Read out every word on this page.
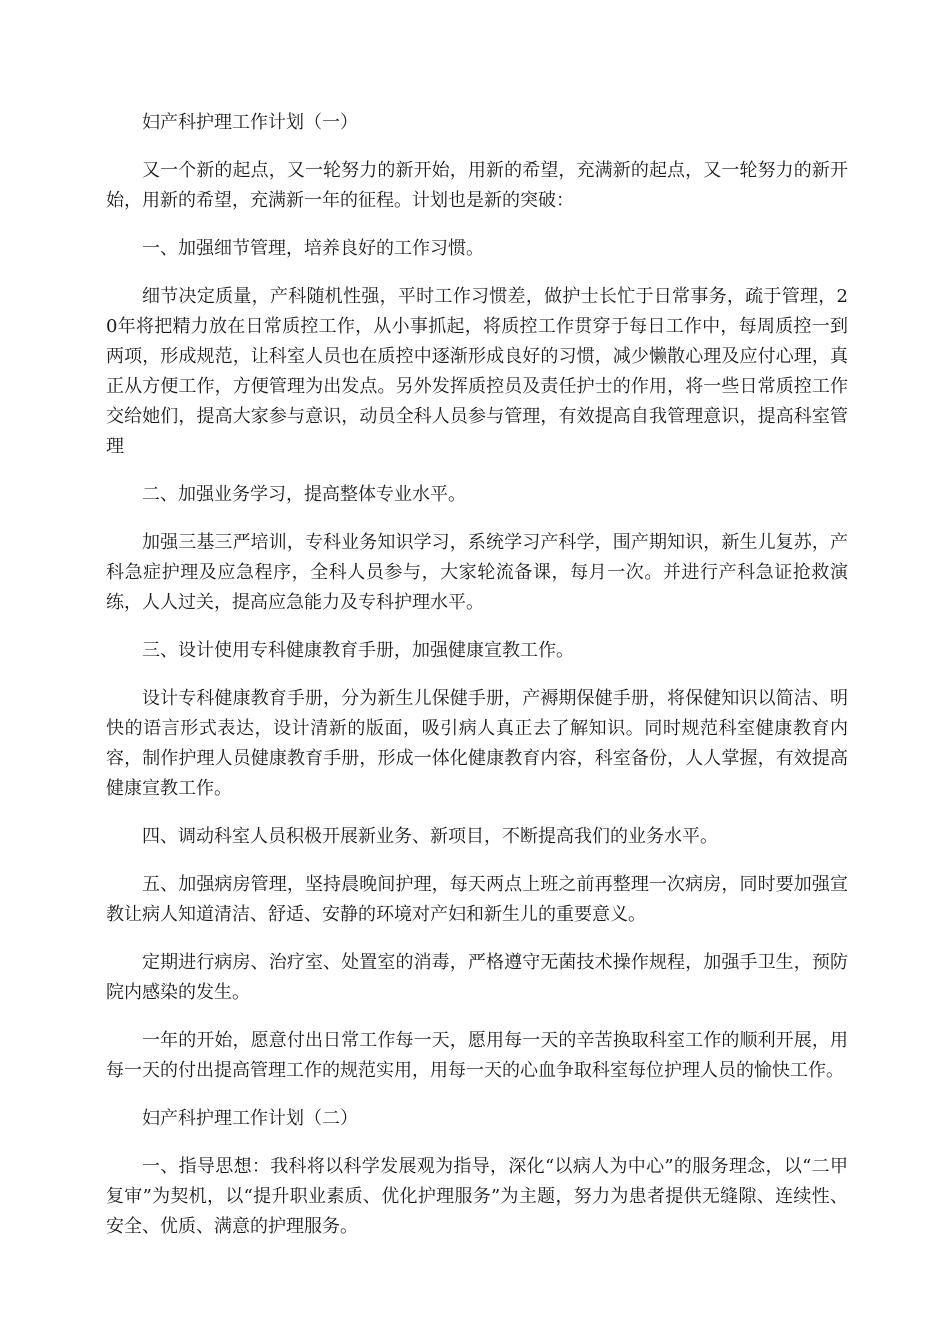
妇产科护理工作计划（一）

又一个新的起点，又一轮努力的新开始，用新的希望，充满新的起点，又一轮努力的新开始，用新的希望，充满新一年的征程。计划也是新的突破：

一、加强细节管理，培养良好的工作习惯。

细节决定质量，产科随机性强，平时工作习惯差，做护士长忙于日常事务，疏于管理，20年将把精力放在日常质控工作，从小事抓起，将质控工作贯穿于每日工作中，每周质控一到两项，形成规范，让科室人员也在质控中逐渐形成良好的习惯，减少懒散心理及应付心理，真正从方便工作，方便管理为出发点。另外发挥质控员及责任护士的作用，将一些日常质控工作交给她们，提高大家参与意识，动员全科人员参与管理，有效提高自我管理意识，提高科室管理

二、加强业务学习，提高整体专业水平。

加强三基三严培训，专科业务知识学习，系统学习产科学，围产期知识，新生儿复苏，产科急症护理及应急程序，全科人员参与，大家轮流备课，每月一次。并进行产科急证抢救演练，人人过关，提高应急能力及专科护理水平。

三、设计使用专科健康教育手册，加强健康宣教工作。

设计专科健康教育手册，分为新生儿保健手册，产褥期保健手册，将保健知识以简洁、明快的语言形式表达，设计清新的版面，吸引病人真正去了解知识。同时规范科室健康教育内容，制作护理人员健康教育手册，形成一体化健康教育内容，科室备份，人人掌握，有效提高健康宣教工作。

四、调动科室人员积极开展新业务、新项目，不断提高我们的业务水平。

五、加强病房管理，坚持晨晚间护理，每天两点上班之前再整理一次病房，同时要加强宣教让病人知道清洁、舒适、安静的环境对产妇和新生儿的重要意义。

定期进行病房、治疗室、处置室的消毒，严格遵守无菌技术操作规程，加强手卫生，预防院内感染的发生。

一年的开始，愿意付出日常工作每一天，愿用每一天的辛苦换取科室工作的顺利开展，用每一天的付出提高管理工作的规范实用，用每一天的心血争取科室每位护理人员的愉快工作。

妇产科护理工作计划（二）

一、指导思想：我科将以科学发展观为指导，深化“以病人为中心”的服务理念，以“二甲复审”为契机，以“提升职业素质、优化护理服务”为主题，努力为患者提供无缝隙、连续性、安全、优质、满意的护理服务。
